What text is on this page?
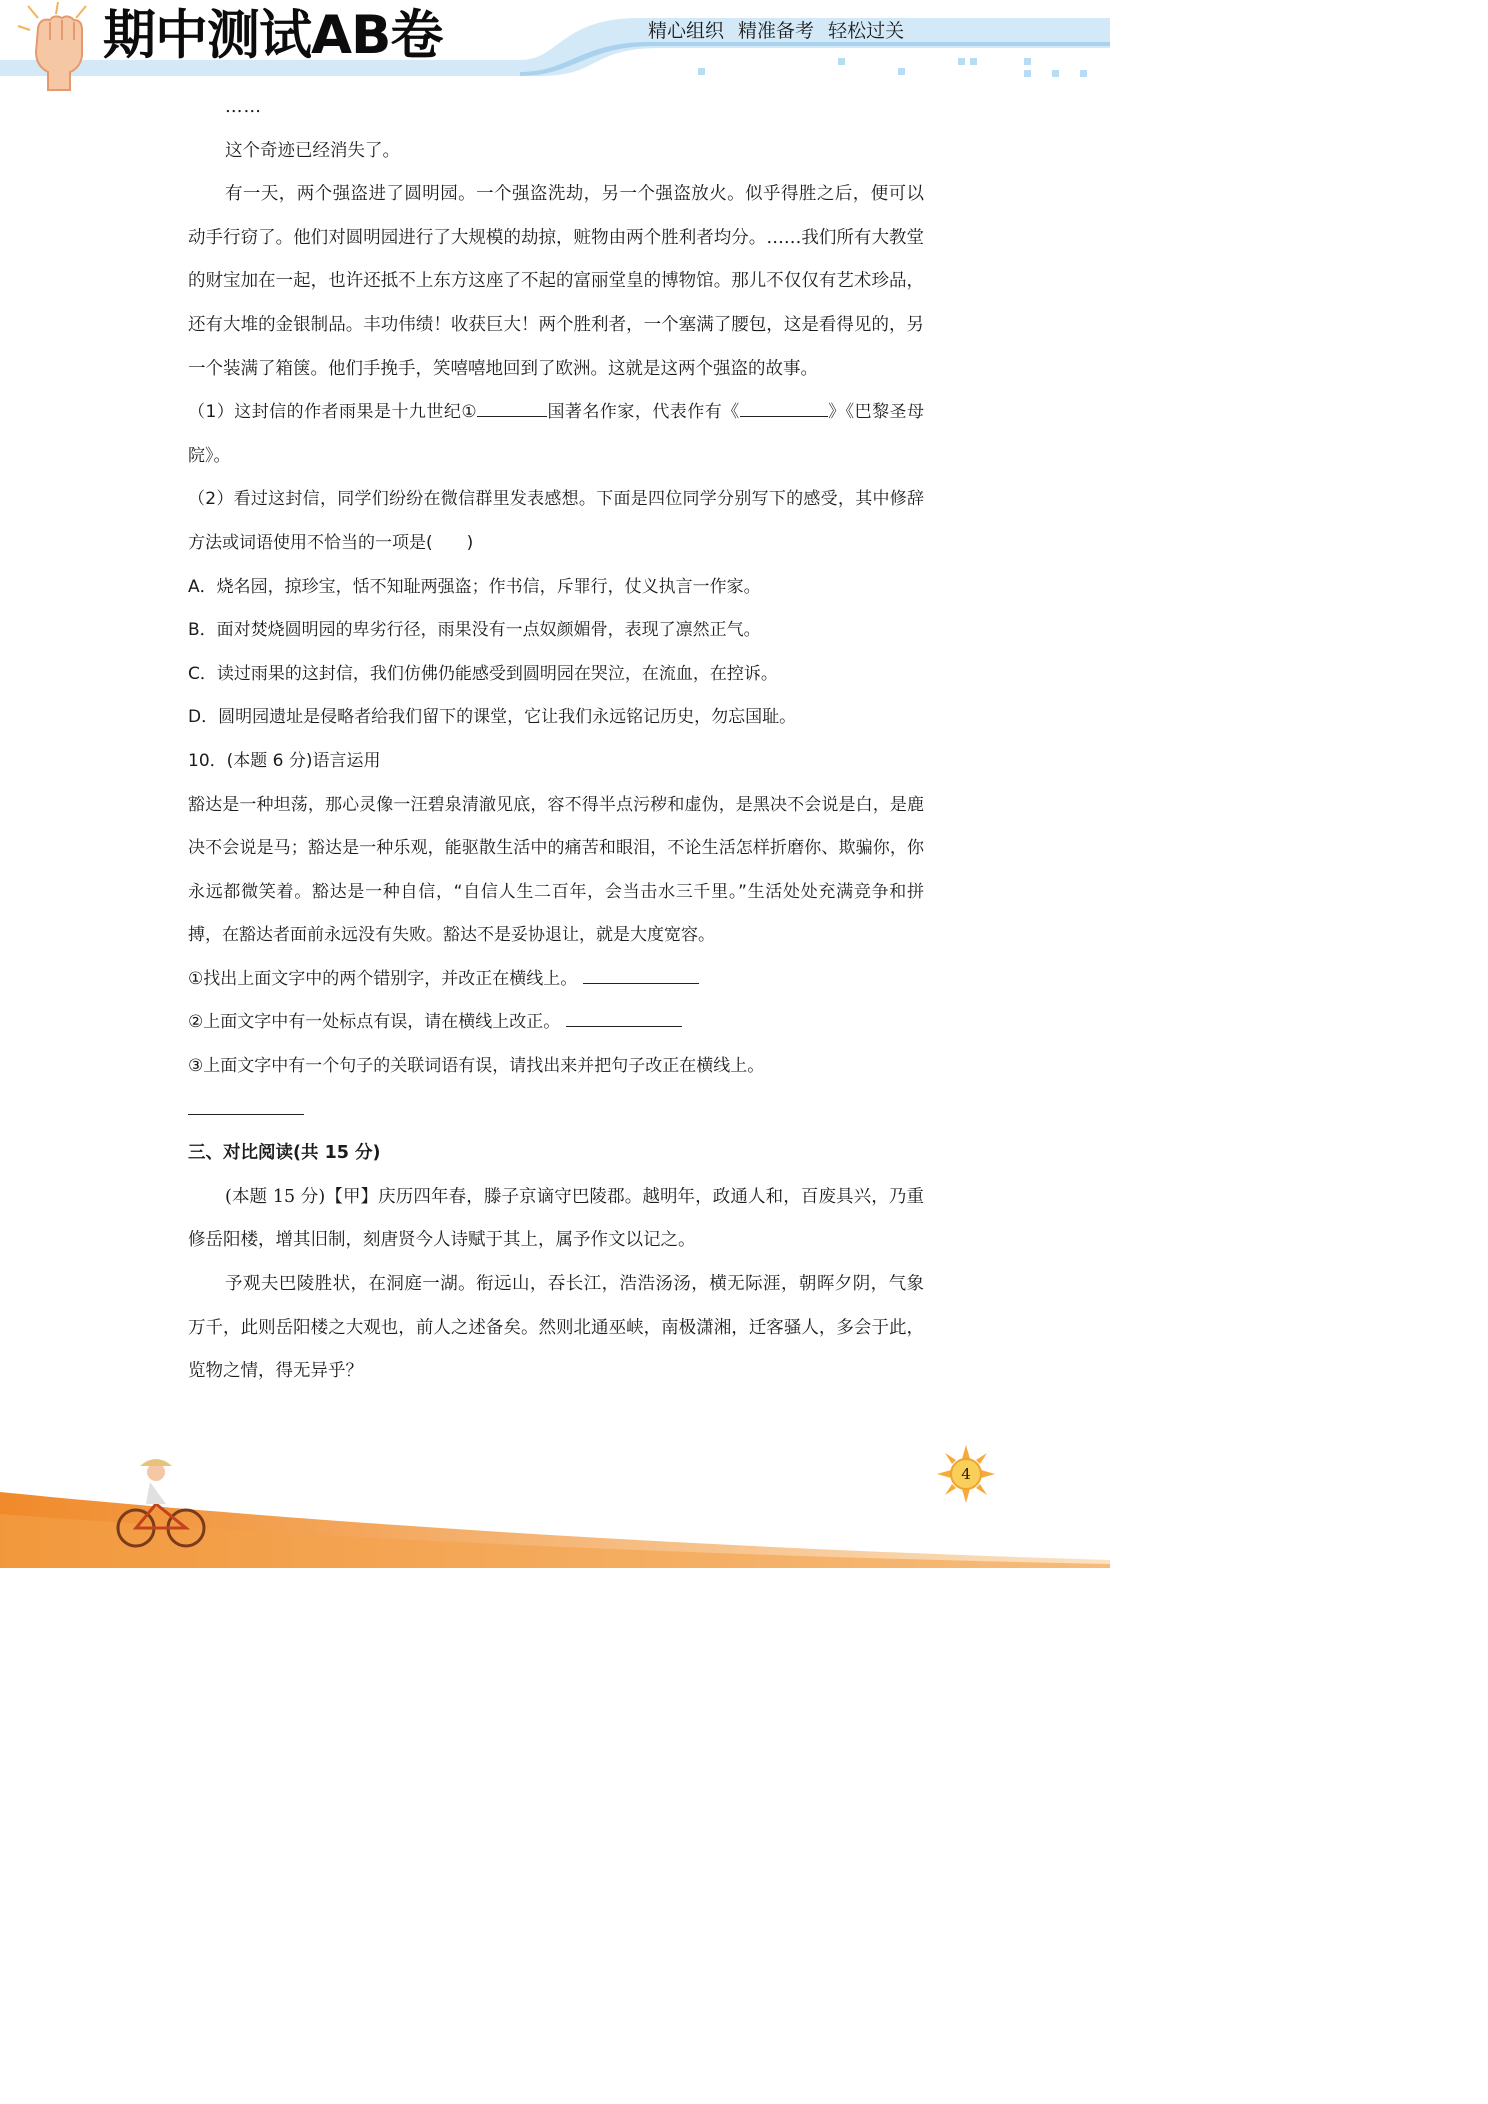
期中测试AB卷	精心组织 精准备考 轻松过关

……

这个奇迹已经消失了。

有一天，两个强盗进了圆明园。一个强盗洗劫，另一个强盗放火。似乎得胜之后，便可以动手行窃了。他们对圆明园进行了大规模的劫掠，赃物由两个胜利者均分。……我们所有大教堂的财宝加在一起，也许还抵不上东方这座了不起的富丽堂皇的博物馆。那儿不仅仅有艺术珍品，还有大堆的金银制品。丰功伟绩！收获巨大！两个胜利者，一个塞满了腰包，这是看得见的，另一个装满了箱箧。他们手挽手，笑嘻嘻地回到了欧洲。这就是这两个强盗的故事。

（1）这封信的作者雨果是十九世纪①	国著名作家，代表作有《	》《巴黎圣母院》。

（2）看过这封信，同学们纷纷在微信群里发表感想。下面是四位同学分别写下的感受，其中修辞方法或词语使用不恰当的一项是(　　)

A．烧名园，掠珍宝，恬不知耻两强盗；作书信，斥罪行，仗义执言一作家。

B．面对焚烧圆明园的卑劣行径，雨果没有一点奴颜媚骨，表现了凛然正气。

C．读过雨果的这封信，我们仿佛仍能感受到圆明园在哭泣，在流血，在控诉。

D．圆明园遗址是侵略者给我们留下的课堂，它让我们永远铭记历史，勿忘国耻。

10．(本题 6 分)语言运用

豁达是一种坦荡，那心灵像一汪碧泉清澈见底，容不得半点污秽和虚伪，是黑决不会说是白，是鹿决不会说是马；豁达是一种乐观，能驱散生活中的痛苦和眼泪，不论生活怎样折磨你、欺骗你，你永远都微笑着。豁达是一种自信，“自信人生二百年，会当击水三千里。”生活处处充满竞争和拼搏，在豁达者面前永远没有失败。豁达不是妥协退让，就是大度宽容。

①找出上面文字中的两个错别字，并改正在横线上。

②上面文字中有一处标点有误，请在横线上改正。

③上面文字中有一个句子的关联词语有误，请找出来并把句子改正在横线上。

三、对比阅读(共 15 分)

(本题 15 分)【甲】庆历四年春，滕子京谪守巴陵郡。越明年，政通人和，百废具兴，乃重修岳阳楼，增其旧制，刻唐贤今人诗赋于其上，属予作文以记之。

予观夫巴陵胜状，在洞庭一湖。衔远山，吞长江，浩浩汤汤，横无际涯，朝晖夕阴，气象万千，此则岳阳楼之大观也，前人之述备矣。然则北通巫峡，南极潇湘，迁客骚人，多会于此，览物之情，得无异乎？

4
